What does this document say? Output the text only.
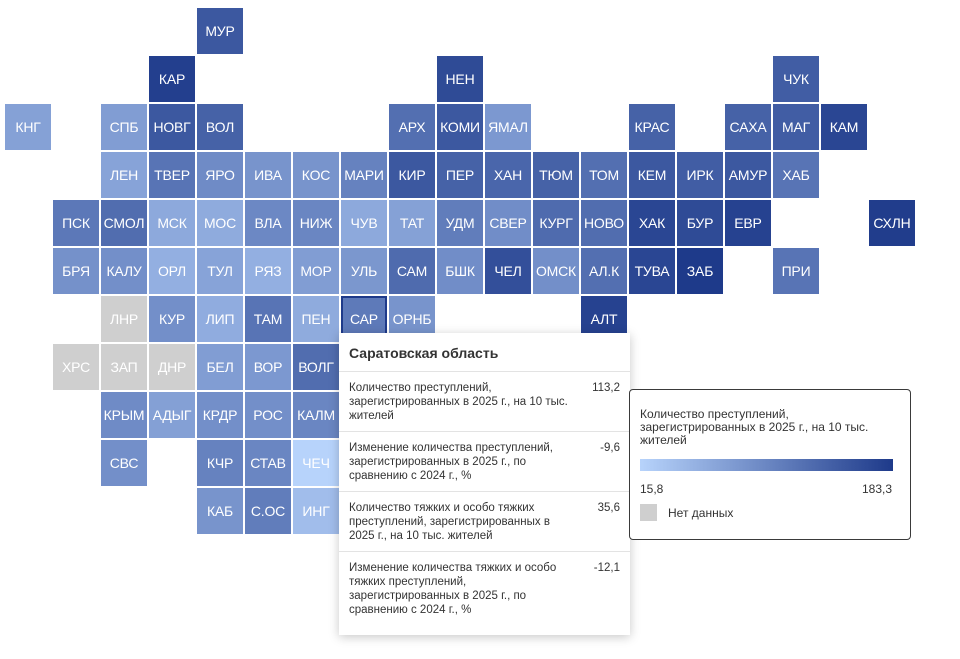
МУР
КАР	НЕН	ЧУК
КНГ	СПБ	НОВГ	ВОЛ	АРХ	КОМИ ЯМАЛ	КРАС	САХА	МАГ	КАМ
ЛЕН	ТВЕР	ЯРО	ИВА	КОС МАРИ	КИР	ПЕР	ХАН	ТЮМ	ТОМ	КЕМ	ИРК	АМУР	ХАБ
ПСК СМОЛ МСК	МОС	ВЛА	НИЖ	ЧУВ	ТАТ	УДМ	СВЕР КУРГ НОВО	ХАК	БУР	ЕВР	СХЛН
БРЯ	КАЛУ	ОРЛ	ТУЛ	РЯЗ	МОР	УЛЬ	САМ	БШК	ЧЕЛ	ОМСК АЛ.К	ТУВА	ЗАБ	ПРИ
ЛНР	КУР	ЛИП	ТАМ	ПЕН	САР	ОРНБ	АЛТ
ХРС	ЗАП	ДНР	БЕЛ	ВОР	ВОЛГ
КРЫМ АДЫГ КРДР	РОС	КАЛМ
СВС	КЧР	СТАВ	ЧЕЧ
КАБ	С.ОС	ИНГ
Саратовская область
Количество преступлений, зарегистрированных в 2025 г., на 10 тыс. жителей
113,2
Изменение количества преступлений, зарегистрированных в 2025 г., по сравнению с 2024 г., %
-9,6
Количество тяжких и особо тяжких преступлений, зарегистрированных в 2025 г., на 10 тыс. жителей
35,6
Изменение количества тяжких и особо тяжких преступлений, зарегистрированных в 2025 г., по сравнению с 2024 г., %
-12,1
Количество преступлений, зарегистрированных в 2025 г., на 10 тыс. жителей
15,8	183,3
Нет данных
